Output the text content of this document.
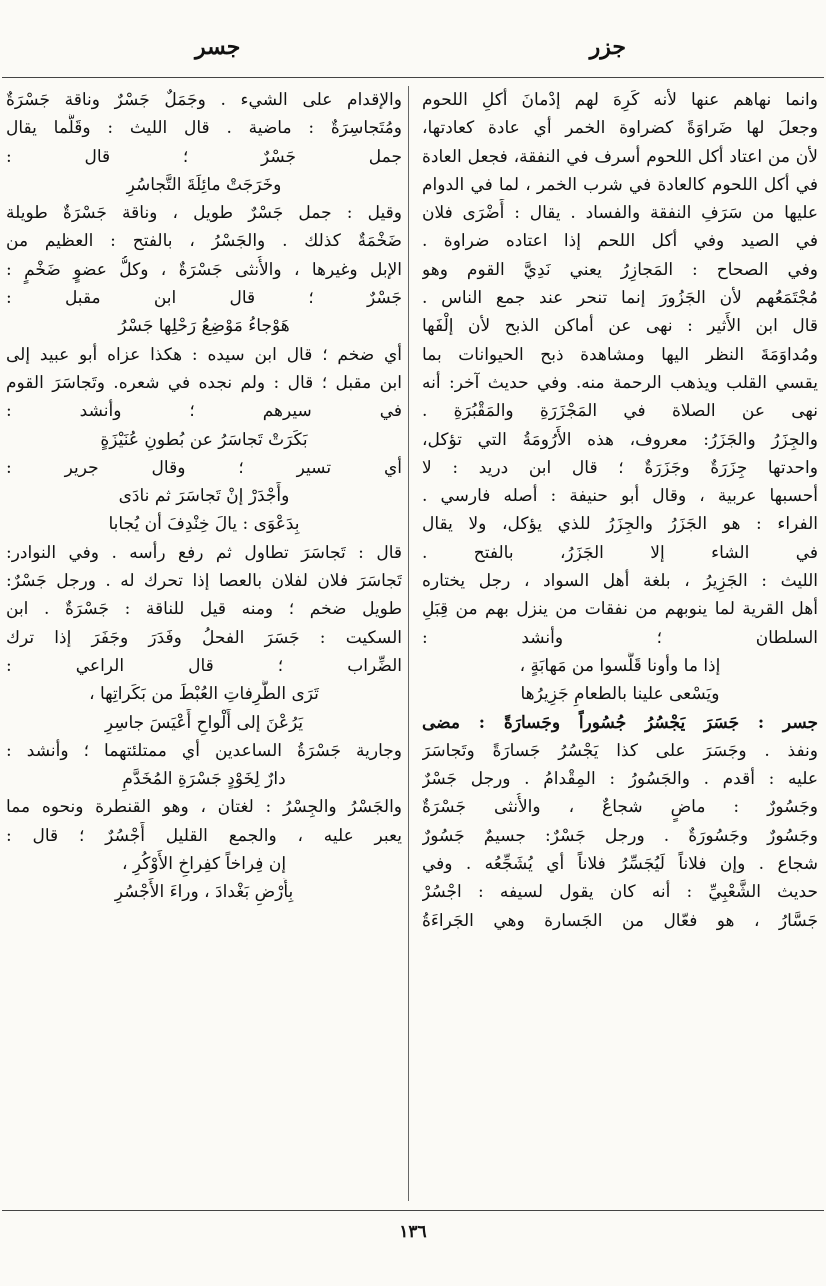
جزر
جسر
وانما نهاهم عنها لأنه كَرِهَ لهم إدْمانَ أكلِ اللحوم
وجعلَ لها ضَراوَةً كضراوة الخمر أي عادة كعادتها،
لأن من اعتاد أكل اللحوم أسرف في النفقة، فجعل العادة
في أكل اللحوم كالعادة في شرب الخمر ، لما في الدوام
عليها من سَرَفِ النفقة والفساد . يقال : أَضْرَى فلان
في الصيد وفي أكل اللحم إذا اعتاده ضراوة .
وفي الصحاح : المَجازِرُ يعني نَدِيَّ القوم وهو
مُجْتَمَعُهم لأن الجَزُورَ إنما تنحر عند جمع الناس .
قال ابن الأَثير : نهى عن أماكن الذبح لأن إلْفَها
ومُداوَمَةَ النظر اليها ومشاهدة ذبح الحيوانات بما
يقسي القلب ويذهب الرحمة منه. وفي حديث آخر: أنه
نهى عن الصلاة في المَجْزَرَةِ والمَقْبُرَةِ .
والجِزَرُ والجَزَرُ: معروف، هذه الأَرُومَةُ التي تؤكل،
واحدتها جِزَرَةٌ وجَزَرَةٌ ؛ قال ابن دريد : لا
أحسبها عربية ، وقال أبو حنيفة : أصله فارسي .
الفراء : هو الجَزَرُ والجِزَرُ للذي يؤكل، ولا يقال
في الشاء إلا الجَزَرُ، بالفتح .
الليث : الجَزِيرُ ، بلغة أهل السواد ، رجل يختاره
أهل القرية لما ينوبهم من نفقات من ينزل بهم من قِبَلِ
السلطان ؛ وأنشد :
إذا ما وأونا قَلَّسوا من مَهابَةٍ ،
ويَسْعى علينا بالطعامِ جَزِيرُها
جسر : جَسَرَ يَجْسُرُ جُسُوراً وجَسارَةً : مضى
ونفذ . وجَسَرَ على كذا يَجْسُرُ جَسارَةً وتَجاسَرَ
عليه : أقدم . والجَسُورُ : المِقْدامُ . ورجل جَسْرٌ
وجَسُورٌ : ماضٍ شجاعٌ ، والأُنثى جَسْرَةٌ
وجَسُورٌ وجَسُورَةٌ . ورجل جَسْرٌ: جسيمٌ جَسُورٌ
شجاع . وإن فلاناً لَيُجَسِّرُ فلاناً أي يُشَجِّعُه . وفي
حديث الشَّعْبِيِّ : أنه كان يقول لسيفه : اجْسُرْ
جَسَّارُ ، هو فعّال من الجَسارة وهي الجَراءَةُ
والإقدام على الشيء . وجَمَلٌ جَسْرٌ وناقة جَسْرَةٌ
ومُتَجاسِرَةٌ : ماضية . قال الليث : وقَلَّما يقال
جمل جَسْرٌ ؛ قال :
وخَرَجَتْ مائِلَةَ التَّجاسُرِ
وقيل : جمل جَسْرٌ طويل ، وناقة جَسْرَةٌ طويلة
ضَخْمَةٌ كذلك . والجَسْرُ ، بالفتح : العظيم من
الإبل وغيرها ، والأُنثى جَسْرَةٌ ، وكلُّ عضوٍ ضَخْمٍ :
جَسْرٌ ؛ قال ابن مقبل :
هَوْجاءُ مَوْضِعُ رَحْلِها جَسْرُ
أي ضخم ؛ قال ابن سيده : هكذا عزاه أبو عبيد إلى
ابن مقبل ؛ قال : ولم نجده في شعره. وتَجاسَرَ القوم
في سيرهم ؛ وأنشد :
بَكَرَتْ تَجاسَرُ عن بُطونِ عُنَيْزَةٍ
أي تسير ؛ وقال جرير :
وأَجْدَرْ إنْ تَجاسَرَ ثم نادَى
بِدَعْوَى : يالَ خِنْدِفَ أن يُجابا
قال : تَجاسَرَ تطاول ثم رفع رأسه . وفي النوادر:
تَجاسَرَ فلان لفلان بالعصا إذا تحرك له . ورجل جَسْرٌ:
طويل ضخم ؛ ومنه قيل للناقة : جَسْرَةٌ . ابن
السكيت : جَسَرَ الفحلُ وفَدَرَ وجَفَرَ إذا ترك
الضِّراب ؛ قال الراعي :
تَرَى الطَّرِفاتِ العُبْطَ من بَكَراتِها ،
يَرُعْنَ إلى أَلْواحِ أَعْيَسَ جاسِرِ
وجارية جَسْرَةُ الساعدين أي ممتلئتهما ؛ وأنشد :
دارٌ لِخَوْدٍ جَسْرَةِ المُخَدَّمِ
والجَسْرُ والجِسْرُ : لغتان ، وهو القنطرة ونحوه مما
يعبر عليه ، والجمع القليل أَجْسُرٌ ؛ قال :
إن فِراخاً كفِراخِ الأَوْكُرِ ،
بِأَرْضِ بَغْدادَ ، وراءَ الأَجْسُرِ
١٣٦
